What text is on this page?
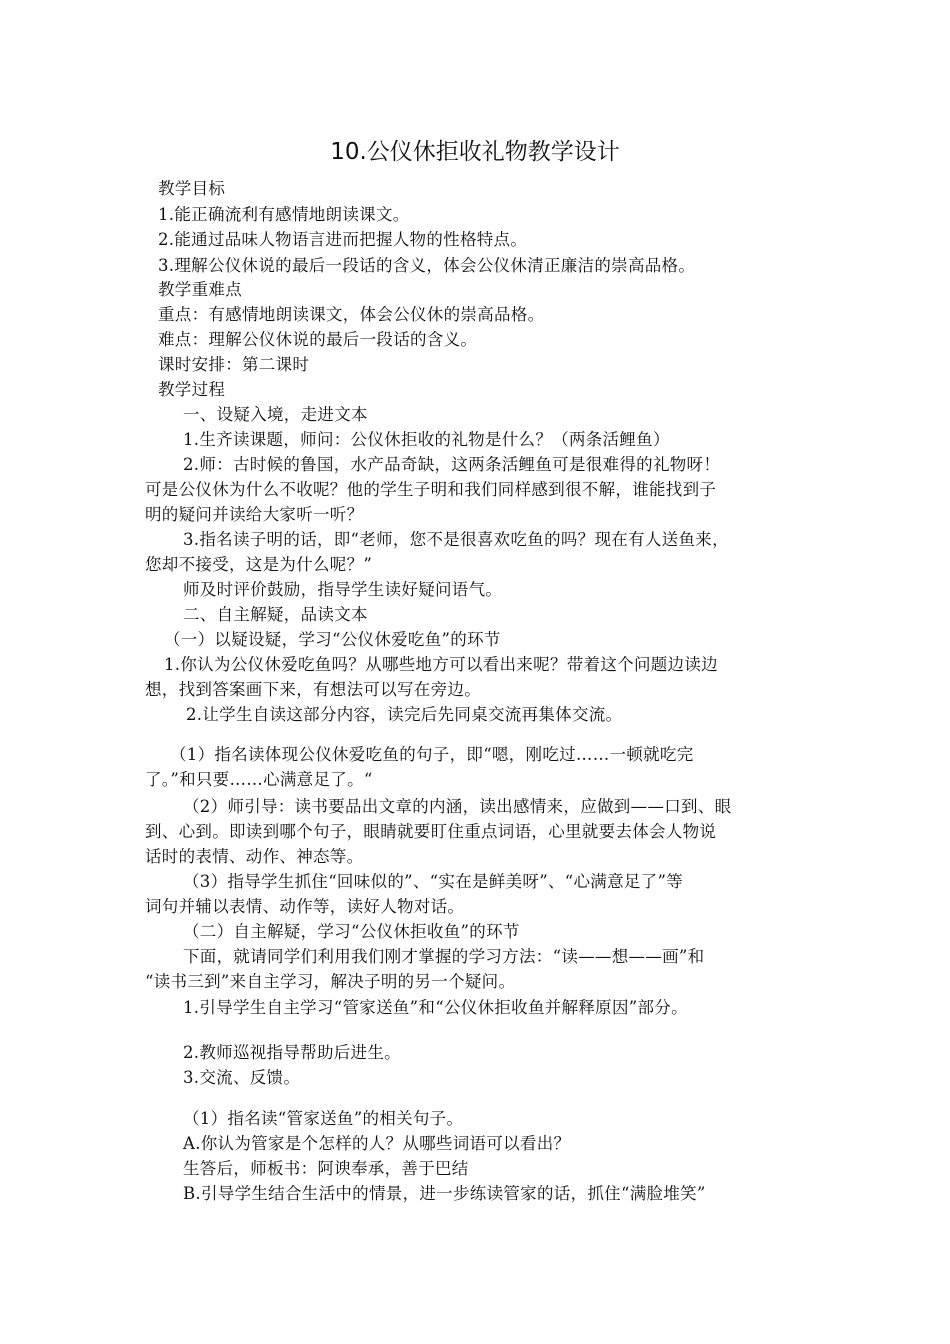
10.公仪休拒收礼物教学设计
教学目标
1.能正确流利有感情地朗读课文。
2.能通过品味人物语言进而把握人物的性格特点。
3.理解公仪休说的最后一段话的含义，体会公仪休清正廉洁的崇高品格。
教学重难点
重点：有感情地朗读课文，体会公仪休的崇高品格。
难点：理解公仪休说的最后一段话的含义。
课时安排：第二课时
教学过程
一、设疑入境，走进文本
1.生齐读课题，师问：公仪休拒收的礼物是什么？（两条活鲤鱼）
2.师：古时候的鲁国，水产品奇缺，这两条活鲤鱼可是很难得的礼物呀！
可是公仪休为什么不收呢？他的学生子明和我们同样感到很不解，谁能找到子
明的疑问并读给大家听一听？
3.指名读子明的话，即“老师，您不是很喜欢吃鱼的吗？现在有人送鱼来，
您却不接受，这是为什么呢？”
师及时评价鼓励，指导学生读好疑问语气。
二、自主解疑，品读文本
（一）以疑设疑，学习“公仪休爱吃鱼”的环节
1.你认为公仪休爱吃鱼吗？从哪些地方可以看出来呢？带着这个问题边读边
想，找到答案画下来，有想法可以写在旁边。
2.让学生自读这部分内容，读完后先同桌交流再集体交流。
（1）指名读体现公仪休爱吃鱼的句子，即“嗯，刚吃过……一顿就吃完
了。”和只要……心满意足了。“
（2）师引导：读书要品出文章的内涵，读出感情来，应做到——口到、眼
到、心到。即读到哪个句子，眼睛就要盯住重点词语，心里就要去体会人物说
话时的表情、动作、神态等。
（3）指导学生抓住“回味似的”、“实在是鲜美呀”、“心满意足了”等
词句并辅以表情、动作等，读好人物对话。
（二）自主解疑，学习“公仪休拒收鱼”的环节
下面，就请同学们利用我们刚才掌握的学习方法：“读——想——画”和
“读书三到”来自主学习，解决子明的另一个疑问。
1.引导学生自主学习“管家送鱼”和“公仪休拒收鱼并解释原因”部分。
2.教师巡视指导帮助后进生。
3.交流、反馈。
（1）指名读“管家送鱼”的相关句子。
A.你认为管家是个怎样的人？从哪些词语可以看出？
生答后，师板书：阿谀奉承，善于巴结
B.引导学生结合生活中的情景，进一步练读管家的话，抓住“满脸堆笑”
